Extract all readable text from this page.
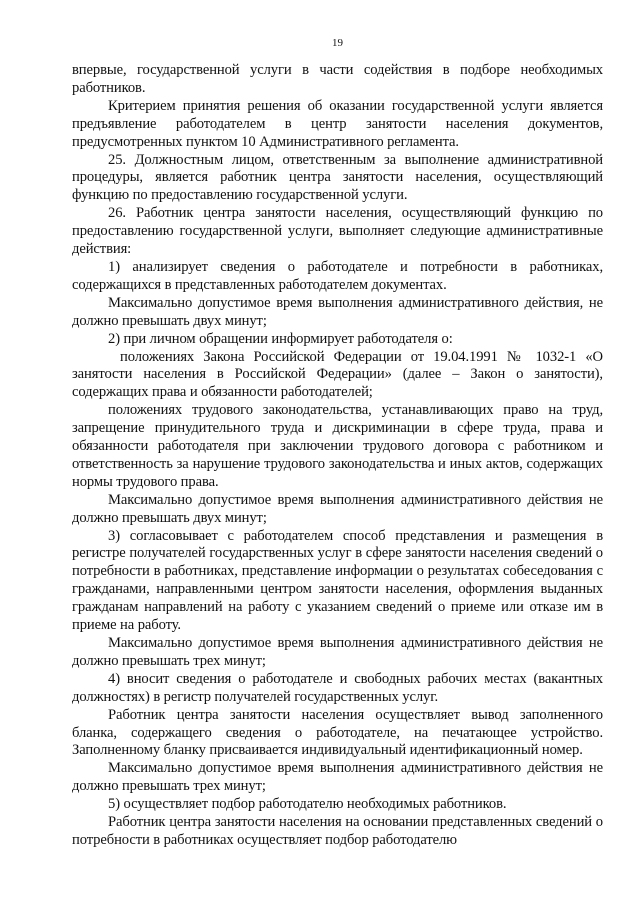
19

впервые, государственной услуги в части содействия в подборе необходимых работников.

Критерием принятия решения об оказании государственной услуги является предъявление работодателем в центр занятости населения документов, предусмотренных пунктом 10 Административного регламента.

25. Должностным лицом, ответственным за выполнение административной процедуры, является работник центра занятости населения, осуществляющий функцию по предоставлению государственной услуги.

26. Работник центра занятости населения, осуществляющий функцию по предоставлению государственной услуги, выполняет следующие административные действия:

1) анализирует сведения о работодателе и потребности в работниках, содержащихся в представленных работодателем документах.

Максимально допустимое время выполнения административного действия, не должно превышать двух минут;

2) при личном обращении информирует работодателя о:

положениях Закона Российской Федерации от 19.04.1991 № 1032-1 «О занятости населения в Российской Федерации» (далее – Закон о занятости), содержащих права и обязанности работодателей;

положениях трудового законодательства, устанавливающих право на труд, запрещение принудительного труда и дискриминации в сфере труда, права и обязанности работодателя при заключении трудового договора с работником и ответственность за нарушение трудового законодательства и иных актов, содержащих нормы трудового права.

Максимально допустимое время выполнения административного действия не должно превышать двух минут;

3) согласовывает с работодателем способ представления и размещения в регистре получателей государственных услуг в сфере занятости населения сведений о потребности в работниках, представление информации о результатах собеседования с гражданами, направленными центром занятости населения, оформления выданных гражданам направлений на работу с указанием сведений о приеме или отказе им в приеме на работу.

Максимально допустимое время выполнения административного действия не должно превышать трех минут;

4) вносит сведения о работодателе и свободных рабочих местах (вакантных должностях) в регистр получателей государственных услуг.

Работник центра занятости населения осуществляет вывод заполненного бланка, содержащего сведения о работодателе, на печатающее устройство. Заполненному бланку присваивается индивидуальный идентификационный номер.

Максимально допустимое время выполнения административного действия не должно превышать трех минут;

5) осуществляет подбор работодателю необходимых работников.

Работник центра занятости населения на основании представленных сведений о потребности в работниках осуществляет подбор работодателю
